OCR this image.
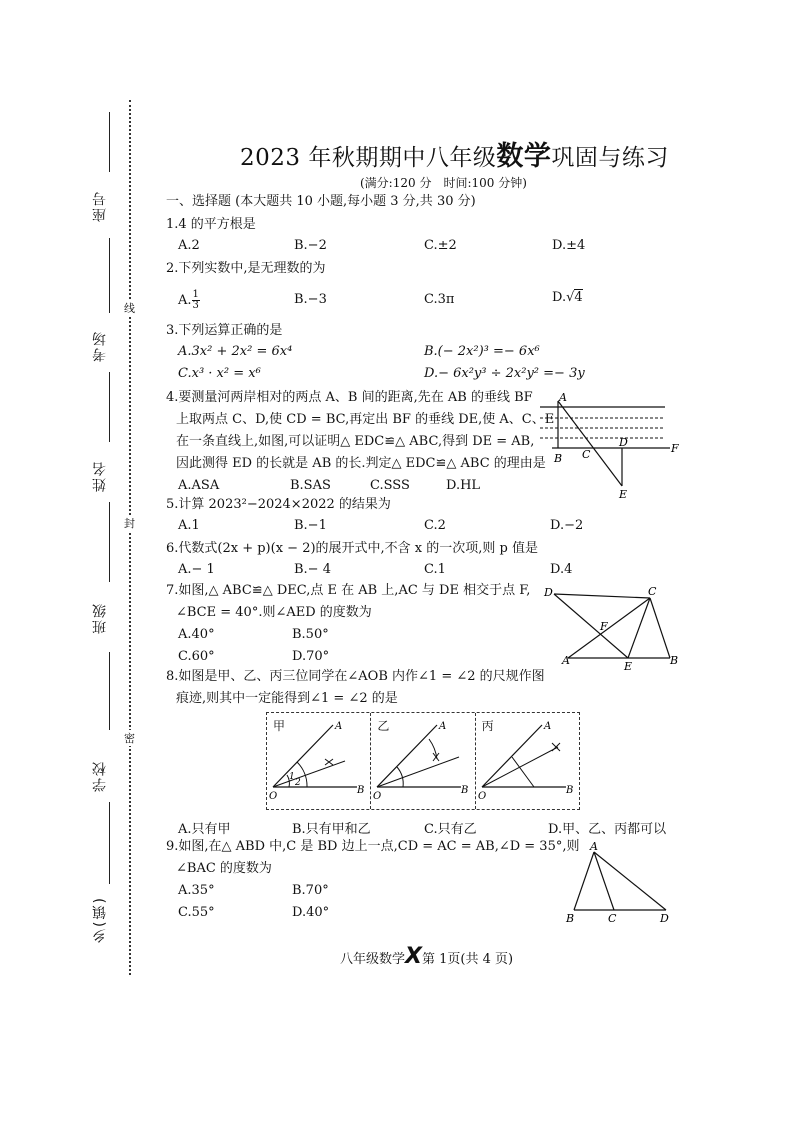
座号
考场
姓名
班级
学校
乡(镇)
线
封
密
2023 年秋期期中八年级数学巩固与练习
(满分:120 分　时间:100 分钟)
一、选择题 (本大题共 10 小题,每小题 3 分,共 30 分)
1.4 的平方根是
A.2	B.−2	C.±2	D.±4
2.下列实数中,是无理数的为
A. $\frac{1}{3}$	B.−3	C.3π	D.√4
3.下列运算正确的是
A.3x² + 2x² = 6x⁴	B.(− 2x²)³ =− 6x⁶
C.x³ · x² = x⁶	D.− 6x²y³ ÷ 2x²y² =− 3y
4.要测量河两岸相对的两点 A、B 间的距离,先在 AB 的垂线 BF
上取两点 C、D,使 CD = BC,再定出 BF 的垂线 DE,使 A、C、E
在一条直线上,如图,可以证明△ EDC≌△ ABC,得到 DE = AB,
因此测得 ED 的长就是 AB 的长.判定△ EDC≌△ ABC 的理由是
A.ASA	B.SAS	C.SSS	D.HL
A
B C
D
E
F
5.计算 2023²−2024×2022 的结果为
A.1	B.−1	C.2	D.−2
6.代数式(2x + p)(x − 2)的展开式中,不含 x 的一次项,则 p 值是
A.− 1	B.− 4	C.1	D.4
7.如图,△ ABC≌△ DEC,点 E 在 AB 上,AC 与 DE 相交于点 F,
∠BCE = 40°.则∠AED 的度数为
A.40°	B.50°
C.60°	D.70°
D	C
F
A	E	B
8.如图是甲、乙、丙三位同学在∠AOB 内作∠1 = ∠2 的尺规作图
痕迹,则其中一定能得到∠1 = ∠2 的是
甲
O
A
B
1
2
乙
O
A
B
丙
O
A
B
A.只有甲	B.只有甲和乙	C.只有乙	D.甲、乙、丙都可以
9.如图,在△ ABD 中,C 是 BD 边上一点,CD = AC = AB,∠D = 35°,则
∠BAC 的度数为
A.35°	B.70°
C.55°	D.40°
A
B	C	D
八年级数学X第 1页(共 4 页)
